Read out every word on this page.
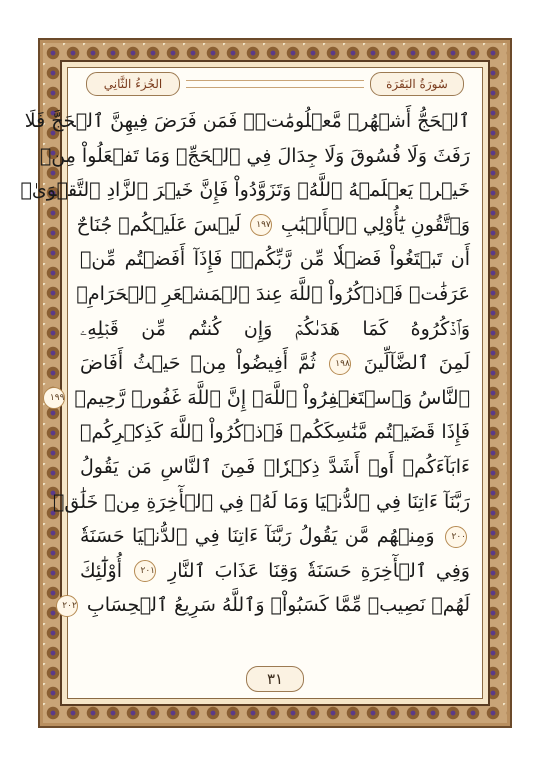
الجُزءُ الثَّانِي	سُورَةُ البَقَرَة
ٱلۡحَجُّ أَشۡهُرٞ مَّعۡلُومَٰتٞۚ فَمَن فَرَضَ فِيهِنَّ ٱلۡحَجَّ فَلَا
رَفَثَ وَلَا فُسُوقَ وَلَا جِدَالَ فِي ٱلۡحَجِّۗ وَمَا تَفۡعَلُواْ مِنۡ
خَيۡرٖ يَعۡلَمۡهُ ٱللَّهُۗ وَتَزَوَّدُواْ فَإِنَّ خَيۡرَ ٱلزَّادِ ٱلتَّقۡوَىٰۖ
وَٱتَّقُونِ يَٰٓأُوْلِي ٱلۡأَلۡبَٰبِ ١٩٧ لَيۡسَ عَلَيۡكُمۡ جُنَاحٌ
أَن تَبۡتَغُواْ فَضۡلٗا مِّن رَّبِّكُمۡۚ فَإِذَآ أَفَضۡتُم مِّنۡ
عَرَفَٰتٖ فَٱذۡكُرُواْ ٱللَّهَ عِندَ ٱلۡمَشۡعَرِ ٱلۡحَرَامِۖ
وَٱذۡكُرُوهُ كَمَا هَدَىٰكُمۡ وَإِن كُنتُم مِّن قَبۡلِهِۦ
لَمِنَ ٱلضَّآلِّينَ ١٩٨ ثُمَّ أَفِيضُواْ مِنۡ حَيۡثُ أَفَاضَ
ٱلنَّاسُ وَٱسۡتَغۡفِرُواْ ٱللَّهَۚ إِنَّ ٱللَّهَ غَفُورٞ رَّحِيمٞ ١٩٩
فَإِذَا قَضَيۡتُم مَّنَٰسِكَكُمۡ فَٱذۡكُرُواْ ٱللَّهَ كَذِكۡرِكُمۡ
ءَابَآءَكُمۡ أَوۡ أَشَدَّ ذِكۡرٗاۗ فَمِنَ ٱلنَّاسِ مَن يَقُولُ
رَبَّنَآ ءَاتِنَا فِي ٱلدُّنۡيَا وَمَا لَهُۥ فِي ٱلۡأٓخِرَةِ مِنۡ خَلَٰقٖ
٢٠٠ وَمِنۡهُم مَّن يَقُولُ رَبَّنَآ ءَاتِنَا فِي ٱلدُّنۡيَا حَسَنَةٗ
وَفِي ٱلۡأٓخِرَةِ حَسَنَةٗ وَقِنَا عَذَابَ ٱلنَّارِ ٢٠١ أُوْلَٰٓئِكَ
لَهُمۡ نَصِيبٞ مِّمَّا كَسَبُواْۚ وَٱللَّهُ سَرِيعُ ٱلۡحِسَابِ ٢٠٢
٣١
